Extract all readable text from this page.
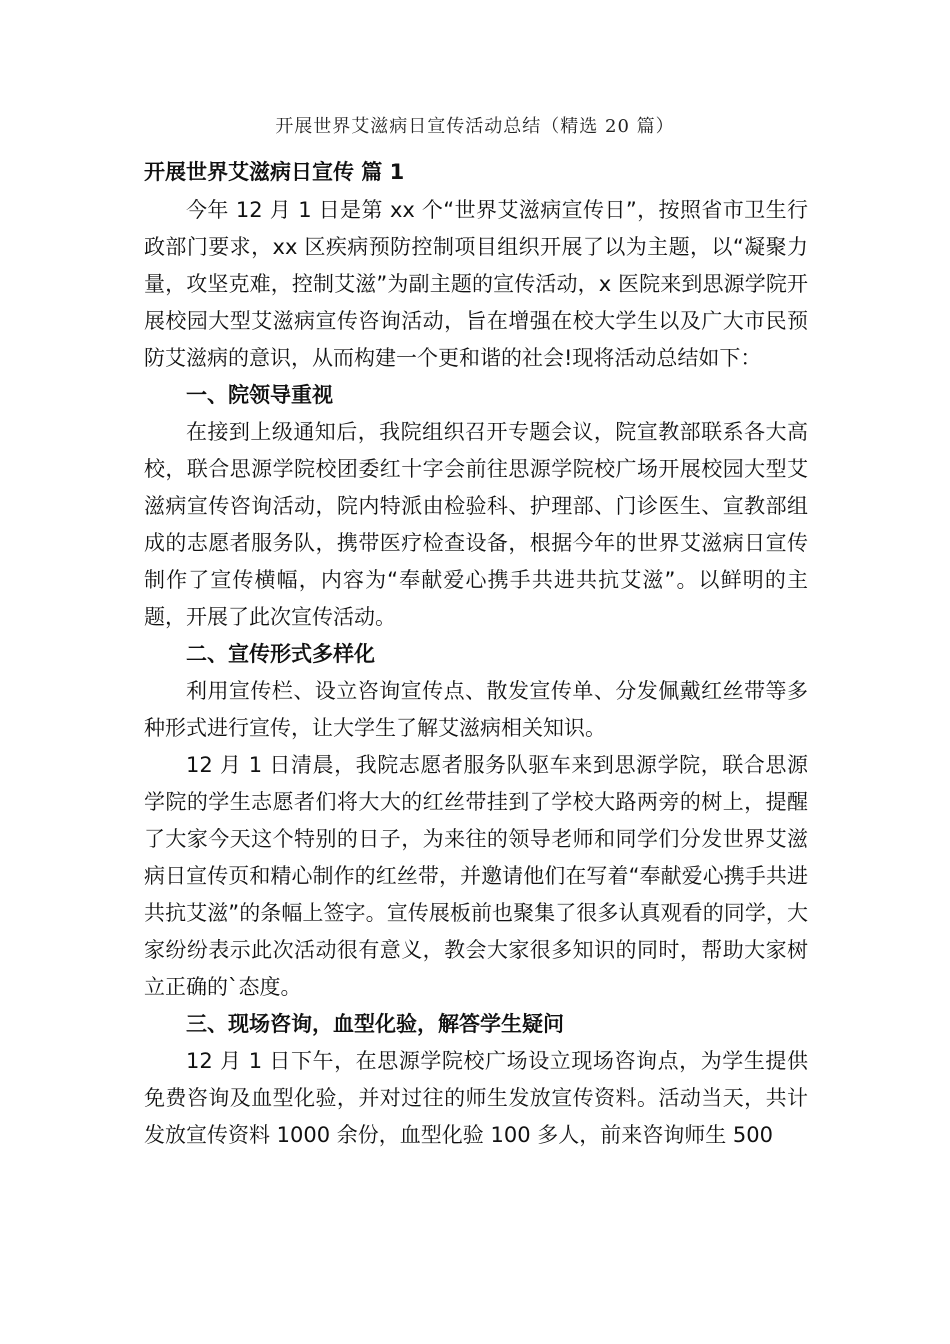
开展世界艾滋病日宣传活动总结（精选 20 篇）
开展世界艾滋病日宣传 篇 1

今年 12 月 1 日是第 xx 个“世界艾滋病宣传日”，按照省市卫生行政部门要求，xx 区疾病预防控制项目组织开展了以为主题，以“凝聚力量，攻坚克难，控制艾滋”为副主题的宣传活动，x 医院来到思源学院开展校园大型艾滋病宣传咨询活动，旨在增强在校大学生以及广大市民预防艾滋病的意识，从而构建一个更和谐的社会!现将活动总结如下：

一、院领导重视

在接到上级通知后，我院组织召开专题会议，院宣教部联系各大高校，联合思源学院校团委红十字会前往思源学院校广场开展校园大型艾滋病宣传咨询活动，院内特派由检验科、护理部、门诊医生、宣教部组成的志愿者服务队，携带医疗检查设备，根据今年的世界艾滋病日宣传制作了宣传横幅，内容为“奉献爱心携手共进共抗艾滋”。以鲜明的主题，开展了此次宣传活动。

二、宣传形式多样化

利用宣传栏、设立咨询宣传点、散发宣传单、分发佩戴红丝带等多种形式进行宣传，让大学生了解艾滋病相关知识。

12 月 1 日清晨，我院志愿者服务队驱车来到思源学院，联合思源学院的学生志愿者们将大大的红丝带挂到了学校大路两旁的树上，提醒了大家今天这个特别的日子，为来往的领导老师和同学们分发世界艾滋病日宣传页和精心制作的红丝带，并邀请他们在写着“奉献爱心携手共进共抗艾滋”的条幅上签字。宣传展板前也聚集了很多认真观看的同学，大家纷纷表示此次活动很有意义，教会大家很多知识的同时，帮助大家树立正确的`态度。

三、现场咨询，血型化验，解答学生疑问

12 月 1 日下午，在思源学院校广场设立现场咨询点，为学生提供免费咨询及血型化验，并对过往的师生发放宣传资料。活动当天，共计发放宣传资料 1000 余份，血型化验 100 多人，前来咨询师生 500
